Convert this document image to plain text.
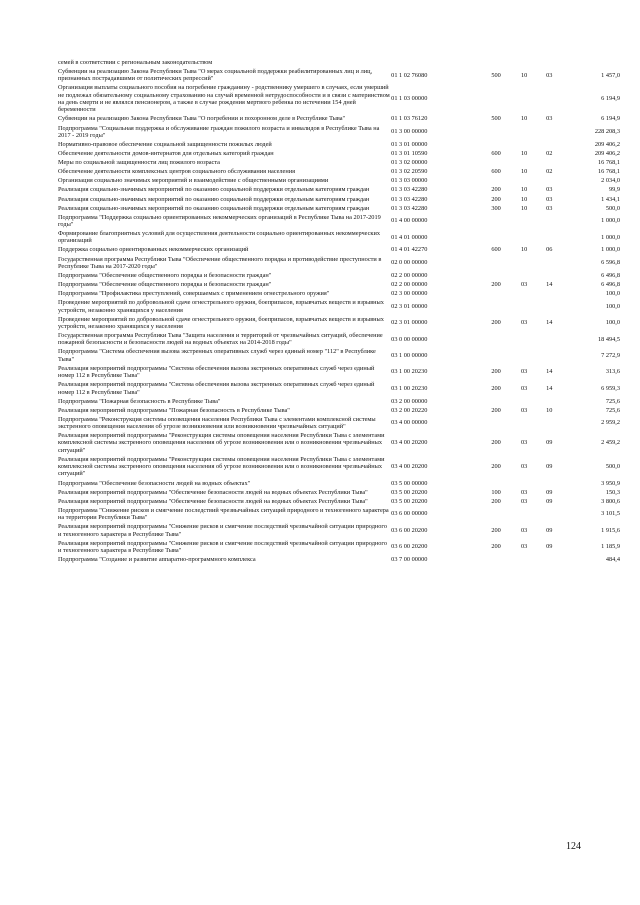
семей в соответствии с региональным законодательством					
Субвенции на реализацию Закона Республики Тыва "О мерах социальной поддержки реабилитированных лиц и лиц, признанных пострадавшими от политических репрессий"	01 1 02 76080	500	10	03	1 457,0
Организация выплаты социального пособия на погребение гражданину - родственнику умершего в случаях, если умерший не подлежал обязательному социальному страхованию на случай временной нетрудоспособности и в связи с материнством на день смерти и не являлся пенсионером, а также в случае рождения мертвого ребенка по истечении 154 дней беременности	01 1 03 00000				6 194,9
Субвенции на реализацию Закона Республики Тыва "О погребении и похоронном деле в Республике Тыва"	01 1 03 76120	500	10	03	6 194,9
Подпрограмма "Социальная поддержка и обслуживание граждан пожилого возраста и инвалидов в Республике Тыва на 2017 - 2019 годы"	01 3 00 00000				228 208,3
Нормативно-правовое обеспечение социальной защищенности пожилых людей	01 3 01 00000				209 406,2
Обеспечение деятельности домов-интернатов для отдельных категорий граждан	01 3 01 10590	600	10	02	209 406,2
Меры по социальной защищенности лиц пожилого возраста	01 3 02 00000				16 768,1
Обеспечение деятельности комплексных центров социального обслуживания населения	01 3 02 20590	600	10	02	16 768,1
Организация социально значимых мероприятий и взаимодействие с общественными организациями	01 3 03 00000				2 034,0
Реализация социально-значимых мероприятий по оказанию социальной поддержки отдельным категориям граждан	01 3 03 42280	200	10	03	99,9
Реализация социально-значимых мероприятий по оказанию социальной поддержки отдельным категориям граждан	01 3 03 42280	200	10	03	1 434,1
Реализация социально-значимых мероприятий по оказанию социальной поддержки отдельным категориям граждан	01 3 03 42280	300	10	03	500,0
Подпрограмма "Поддержка социально ориентированных некоммерческих организаций в Республике Тыва на 2017-2019 годы"	01 4 00 00000				1 000,0
Формирование благоприятных условий для осуществления деятельности социально ориентированных некоммерческих организаций	01 4 01 00000				1 000,0
Поддержка социально ориентированных некоммерческих организаций	01 4 01 42270	600	10	06	1 000,0
Государственная программа Республики Тыва "Обеспечение общественного порядка и противодействие преступности в Республике Тыва на 2017-2020 годы"	02 0 00 00000				6 596,8
Подпрограмма "Обеспечение общественного порядка и безопасности граждан"	02 2 00 00000				6 496,8
Подпрограмма "Обеспечение общественного порядка и безопасности граждан"	02 2 00 00000	200	03	14	6 496,8
Подпрограмма "Профилактика преступлений, совершаемых с применением огнестрельного оружия"	02 3 00 00000				100,0
Проведение мероприятий по добровольной сдаче огнестрельного оружия, боеприпасов, взрывчатых веществ и взрывных устройств, незаконно хранящихся у населения	02 3 01 00000				100,0
Проведение мероприятий по добровольной сдаче огнестрельного оружия, боеприпасов, взрывчатых веществ и взрывных устройств, незаконно хранящихся у населения	02 3 01 00000	200	03	14	100,0
Государственная программа Республики Тыва "Защита населения и территорий от чрезвычайных ситуаций, обеспечение пожарной безопасности и безопасности людей на водных объектах на 2014-2018 годы"	03 0 00 00000				18 494,5
Подпрограмма "Система обеспечения вызова экстренных оперативных служб через единый номер "112" в Республике Тыва"	03 1 00 00000				7 272,9
Реализация мероприятий подпрограммы "Система обеспечения вызова экстренных оперативных служб через единый номер 112 в Республике Тыва"	03 1 00 20230	200	03	14	313,6
Реализация мероприятий подпрограммы "Система обеспечения вызова экстренных оперативных служб через единый номер 112 в Республике Тыва"	03 1 00 20230	200	03	14	6 959,3
Подпрограмма "Пожарная безопасность в Республике Тыва"	03 2 00 00000				725,6
Реализация мероприятий подпрограммы "Пожарная безопасность в Республике Тыва"	03 2 00 20220	200	03	10	725,6
Подпрограмма "Реконструкция системы оповещения населения Республики Тыва с элементами комплексной системы экстренного оповещения населения об угрозе возникновения или возникновении чрезвычайных ситуаций"	03 4 00 00000				2 959,2
Реализация мероприятий подпрограммы "Реконструкция системы оповещения населения Республики Тыва с элементами комплексной системы экстренного оповещения населения об угрозе возникновения или о возникновении чрезвычайных ситуаций"	03 4 00 20200	200	03	09	2 459,2
Реализация мероприятий подпрограммы "Реконструкция системы оповещения населения Республики Тыва с элементами комплексной системы экстренного оповещения населения об угрозе возникновения или о возникновении чрезвычайных ситуаций"	03 4 00 20200	200	03	09	500,0
Подпрограмма "Обеспечение безопасности людей на водных объектах"	03 5 00 00000				3 950,9
Реализация мероприятий подпрограммы "Обеспечение безопасности людей на водных объектах Республики Тыва"	03 5 00 20200	100	03	09	150,3
Реализация мероприятий подпрограммы "Обеспечение безопасности людей на водных объектах Республики Тыва"	03 5 00 20200	200	03	09	3 800,6
Подпрограмма "Снижение рисков и смягчение последствий чрезвычайных ситуаций природного и техногенного характера на территории Республики Тыва"	03 6 00 00000				3 101,5
Реализация мероприятий подпрограммы "Снижение рисков и смягчение последствий чрезвычайной ситуации природного и техногенного характера в Республике Тыва"	03 6 00 20200	200	03	09	1 915,6
Реализация мероприятий подпрограммы "Снижение рисков и смягчение последствий чрезвычайной ситуации природного и техногенного характера в Республике Тыва"	03 6 00 20200	200	03	09	1 185,9
Подпрограмма "Создание и развитие аппаратно-программного комплекса	03 7 00 00000				484,4
124
